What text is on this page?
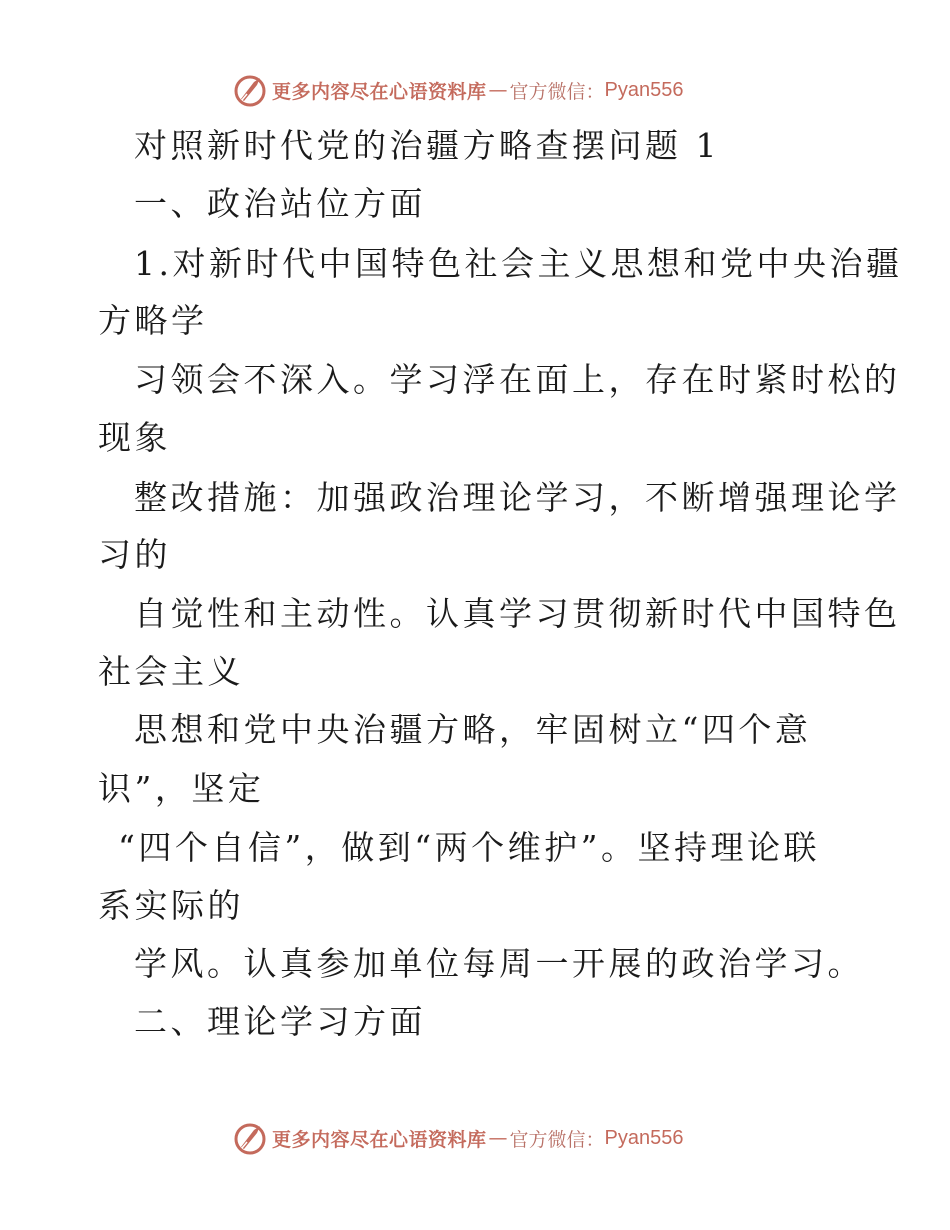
更多内容尽在心语资料库 — 官方微信： Pyan556
对照新时代党的治疆方略查摆问题 1
一、政治站位方面
1.对新时代中国特色社会主义思想和党中央治疆
方略学
习领会不深入。学习浮在面上，存在时紧时松的
现象
整改措施：加强政治理论学习，不断增强理论学
习的
自觉性和主动性。认真学习贯彻新时代中国特色
社会主义
思想和党中央治疆方略，牢固树立“四个意
识”，坚定
“四个自信”，做到“两个维护”。坚持理论联
系实际的
学风。认真参加单位每周一开展的政治学习。
二、理论学习方面
更多内容尽在心语资料库 — 官方微信： Pyan556
